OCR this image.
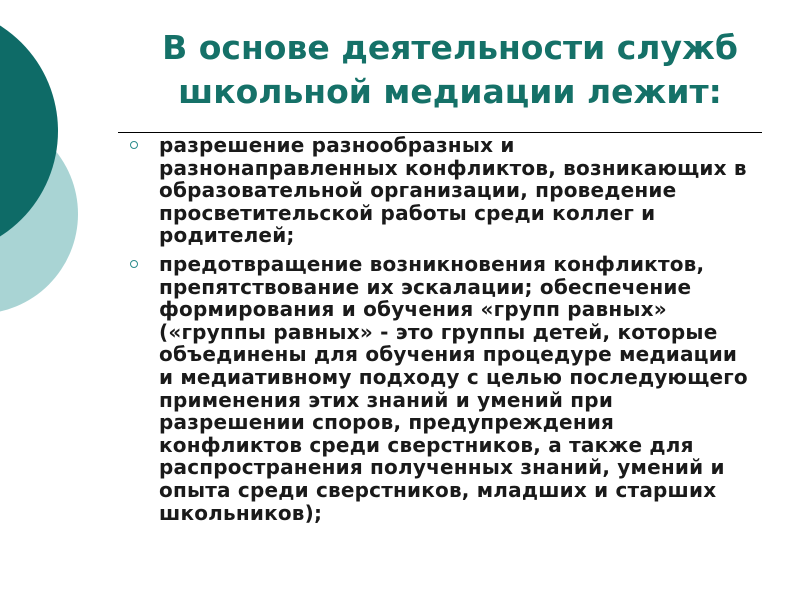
В основе деятельности служб
школьной медиации лежит:
разрешение разнообразных и разнонаправленных конфликтов, возникающих в образовательной организации, проведение просветительской работы среди коллег и родителей;
предотвращение возникновения конфликтов, препятствование их эскалации; обеспечение формирования и обучения «групп равных» («группы равных» - это группы детей, которые объединены для обучения процедуре медиации и медиативному подходу с целью последующего применения этих знаний и умений при разрешении споров, предупреждения конфликтов среди сверстников, а также для распространения полученных знаний, умений и опыта среди сверстников, младших и старших школьников);
